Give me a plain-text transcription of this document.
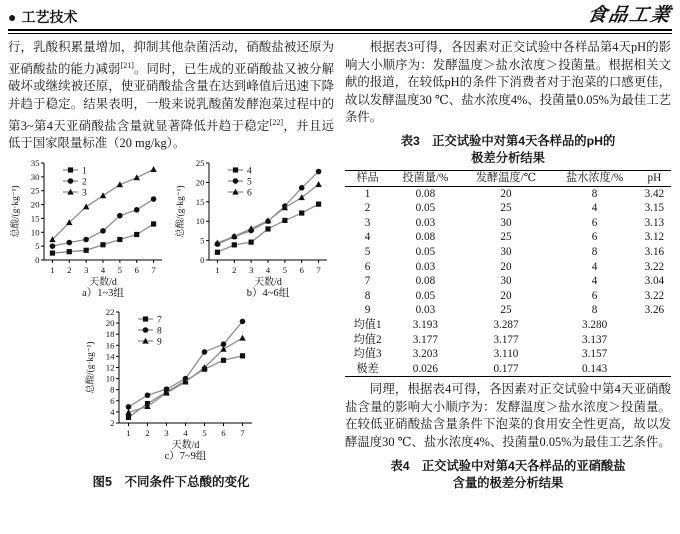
● 工艺技术	食品工業

行，乳酸积累量增加，抑制其他杂菌活动，硝酸盐被还原为亚硝酸盐的能力减弱[21]。同时，已生成的亚硝酸盐又被分解破坏或继续被还原，使亚硝酸盐含量在达到峰值后迅速下降并趋于稳定。结果表明，一般来说乳酸菌发酵泡菜过程中的第3~第4天亚硝酸盐含量就显著降低并趋于稳定[22]，并且远低于国家限量标准（20 mg/kg）。

0
5
10
15
20
25
30
35
1 2 3 4 5 6 7
天数/d
总酸/(g·kg⁻¹)
1
2
3
a）1~3组
0
5
10
15
20
25
1 2 3 4 5 6 7
天数/d
总酸/(g·kg⁻¹)
4
5
6
b）4~6组
2
4
6
8
10
12
14
16
18
20
22
1 2 3 4 5 6 7
天数/d
总酸/(g·kg⁻¹)
7
8
9
c）7~9组
图5　不同条件下总酸的变化

根据表3可得，各因素对正交试验中各样品第4天pH的影响大小顺序为：发酵温度＞盐水浓度＞投菌量。根据相关文献的报道，在较低pH的条件下消费者对于泡菜的口感更佳，故以发酵温度30 ℃、盐水浓度4%、投菌量0.05%为最佳工艺条件。

表3　正交试验中对第4天各样品的pH的
极差分析结果
样品	投菌量/%	发酵温度/℃	盐水浓度/%	pH
1	0.08	20	8	3.42
2	0.05	25	4	3.15
3	0.03	30	6	3.13
4	0.08	25	6	3.12
5	0.05	30	8	3.16
6	0.03	20	4	3.22
7	0.08	30	4	3.04
8	0.05	20	6	3.22
9	0.03	25	8	3.26
均值1	3.193	3.287	3.280	
均值2	3.177	3.177	3.137	
均值3	3.203	3.110	3.157	
极差	0.026	0.177	0.143	

同理，根据表4可得，各因素对正交试验中第4天亚硝酸盐含量的影响大小顺序为：发酵温度＞盐水浓度＞投菌量。在较低亚硝酸盐含量条件下泡菜的食用安全性更高，故以发酵温度30 ℃、盐水浓度4%、投菌量0.05%为最佳工艺条件。

表4　正交试验中对第4天各样品的亚硝酸盐
含量的极差分析结果
